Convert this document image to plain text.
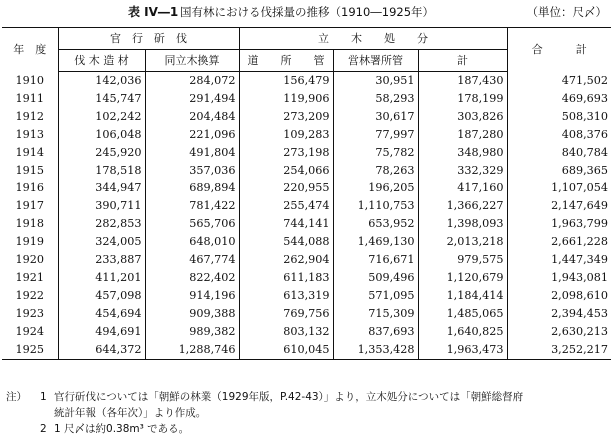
表 IV―1 国有林における伐採量の推移（1910―1925年）	（単位：尺〆）
年　度	官　行　斫　伐		立　　木　　処　　分			合　　　計
	伐 木 造 材	同立木換算	道　　所　　管	営林署所管	計	
1910	142,036	284,072	156,479	30,951	187,430	471,502
1911	145,747	291,494	119,906	58,293	178,199	469,693
1912	102,242	204,484	273,209	30,617	303,826	508,310
1913	106,048	221,096	109,283	77,997	187,280	408,376
1914	245,920	491,804	273,198	75,782	348,980	840,784
1915	178,518	357,036	254,066	78,263	332,329	689,365
1916	344,947	689,894	220,955	196,205	417,160	1,107,054
1917	390,711	781,422	255,474	1,110,753	1,366,227	2,147,649
1918	282,853	565,706	744,141	653,952	1,398,093	1,963,799
1919	324,005	648,010	544,088	1,469,130	2,013,218	2,661,228
1920	233,887	467,774	262,904	716,671	979,575	1,447,349
1921	411,201	822,402	611,183	509,496	1,120,679	1,943,081
1922	457,098	914,196	613,319	571,095	1,184,414	2,098,610
1923	454,694	909,388	769,756	715,309	1,485,065	2,394,453
1924	494,691	989,382	803,132	837,693	1,640,825	2,630,213
1925	644,372	1,288,746	610,045	1,353,428	1,963,473	3,252,217
注） 1 官行斫伐については「朝鮮の林業（1929年版，P.42-43）」より，立木処分については「朝鮮総督府
統計年報（各年次）」より作成。
2 1 尺〆は約0.38m³ である。
